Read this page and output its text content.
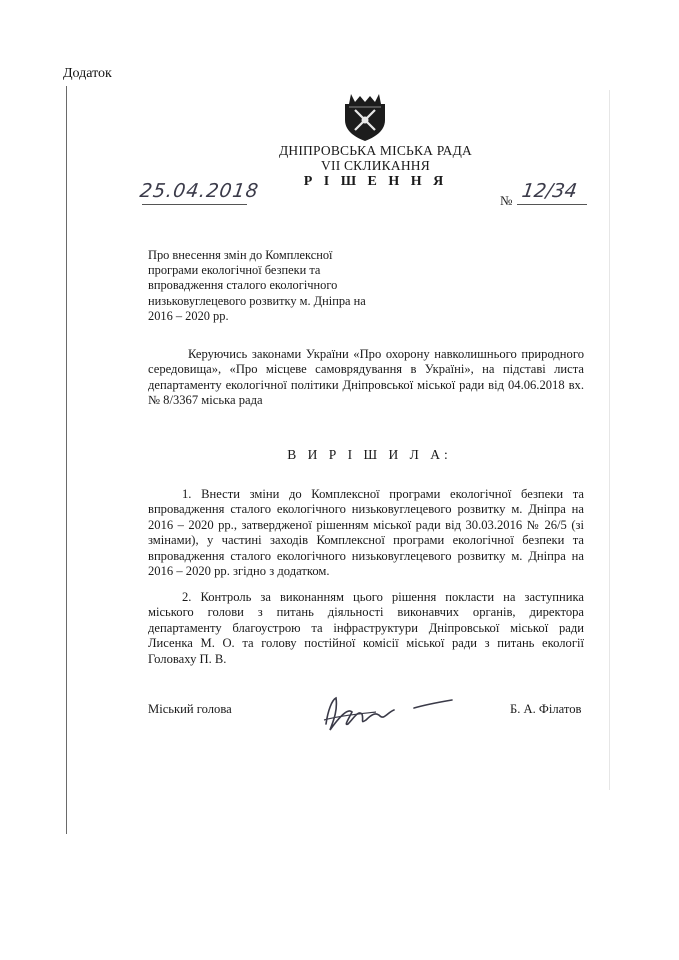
Додаток
ДНІПРОВСЬКА МІСЬКА РАДА
VII СКЛИКАННЯ
Р І Ш Е Н Н Я
25.04.2018	№ 12/34
Про внесення змін до Комплексної програми екологічної безпеки та впровадження сталого екологічного низьковуглецевого розвитку м. Дніпра на 2016 – 2020 рр.
Керуючись законами України «Про охорону навколишнього природного середовища», «Про місцеве самоврядування в Україні», на підставі листа департаменту екологічної політики Дніпровської міської ради від 04.06.2018 вх. № 8/3367 міська рада
В И Р І Ш И Л А:
1. Внести зміни до Комплексної програми екологічної безпеки та впровадження сталого екологічного низьковуглецевого розвитку м. Дніпра на 2016 – 2020 рр., затвердженої рішенням міської ради від 30.03.2016 № 26/5 (зі змінами), у частині заходів Комплексної програми екологічної безпеки та впровадження сталого екологічного низьковуглецевого розвитку м. Дніпра на 2016 – 2020 рр. згідно з додатком.
2. Контроль за виконанням цього рішення покласти на заступника міського голови з питань діяльності виконавчих органів, директора департаменту благоустрою та інфраструктури Дніпровської міської ради Лисенка М. О. та голову постійної комісії міської ради з питань екології Головаху П. В.
Міський голова	Б. А. Філатов
